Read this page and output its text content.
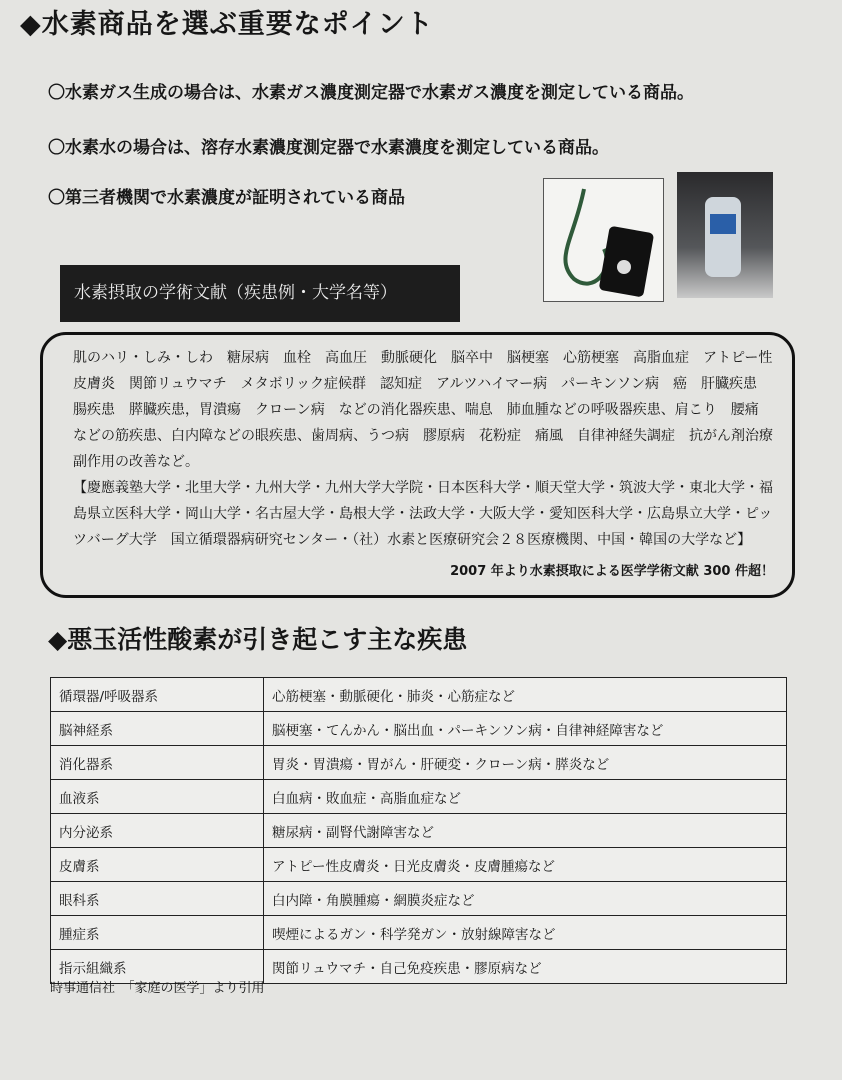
◆水素商品を選ぶ重要なポイント
〇水素ガス生成の場合は、水素ガス濃度測定器で水素ガス濃度を測定している商品。
〇水素水の場合は、溶存水素濃度測定器で水素濃度を測定している商品。
〇第三者機関で水素濃度が証明されている商品
水素摂取の学術文献（疾患例・大学名等）

肌のハリ・しみ・しわ　糖尿病　血栓　高血圧　動脈硬化　脳卒中　脳梗塞　心筋梗塞　高脂血症　アトピー性皮膚炎　関節リュウマチ　メタボリック症候群　認知症　アルツハイマー病　パーキンソン病　癌　肝臓疾患　腸疾患　膵臓疾患，胃潰瘍　クローン病　などの消化器疾患、喘息　肺血腫などの呼吸器疾患、肩こり　腰痛　などの筋疾患、白内障などの眼疾患、歯周病、うつ病　膠原病　花粉症　痛風　自律神経失調症　抗がん剤治療副作用の改善など。

【慶應義塾大学・北里大学・九州大学・九州大学大学院・日本医科大学・順天堂大学・筑波大学・東北大学・福島県立医科大学・岡山大学・名古屋大学・島根大学・法政大学・大阪大学・愛知医科大学・広島県立大学・ピッツバーグ大学　国立循環器病研究センター・（社）水素と医療研究会２８医療機関、中国・韓国の大学など】

2007 年より水素摂取による医学学術文献 300 件超！

◆悪玉活性酸素が引き起こす主な疾患
循環器/呼吸器系	心筋梗塞・動脈硬化・肺炎・心筋症など
脳神経系	脳梗塞・てんかん・脳出血・パーキンソン病・自律神経障害など
消化器系	胃炎・胃潰瘍・胃がん・肝硬変・クローン病・膵炎など
血液系	白血病・敗血症・高脂血症など
内分泌系	糖尿病・副腎代謝障害など
皮膚系	アトピー性皮膚炎・日光皮膚炎・皮膚腫瘍など
眼科系	白内障・角膜腫瘍・網膜炎症など
腫症系	喫煙によるガン・科学発ガン・放射線障害など
指示組織系	関節リュウマチ・自己免疫疾患・膠原病など
時事通信社　「家庭の医学」より引用
